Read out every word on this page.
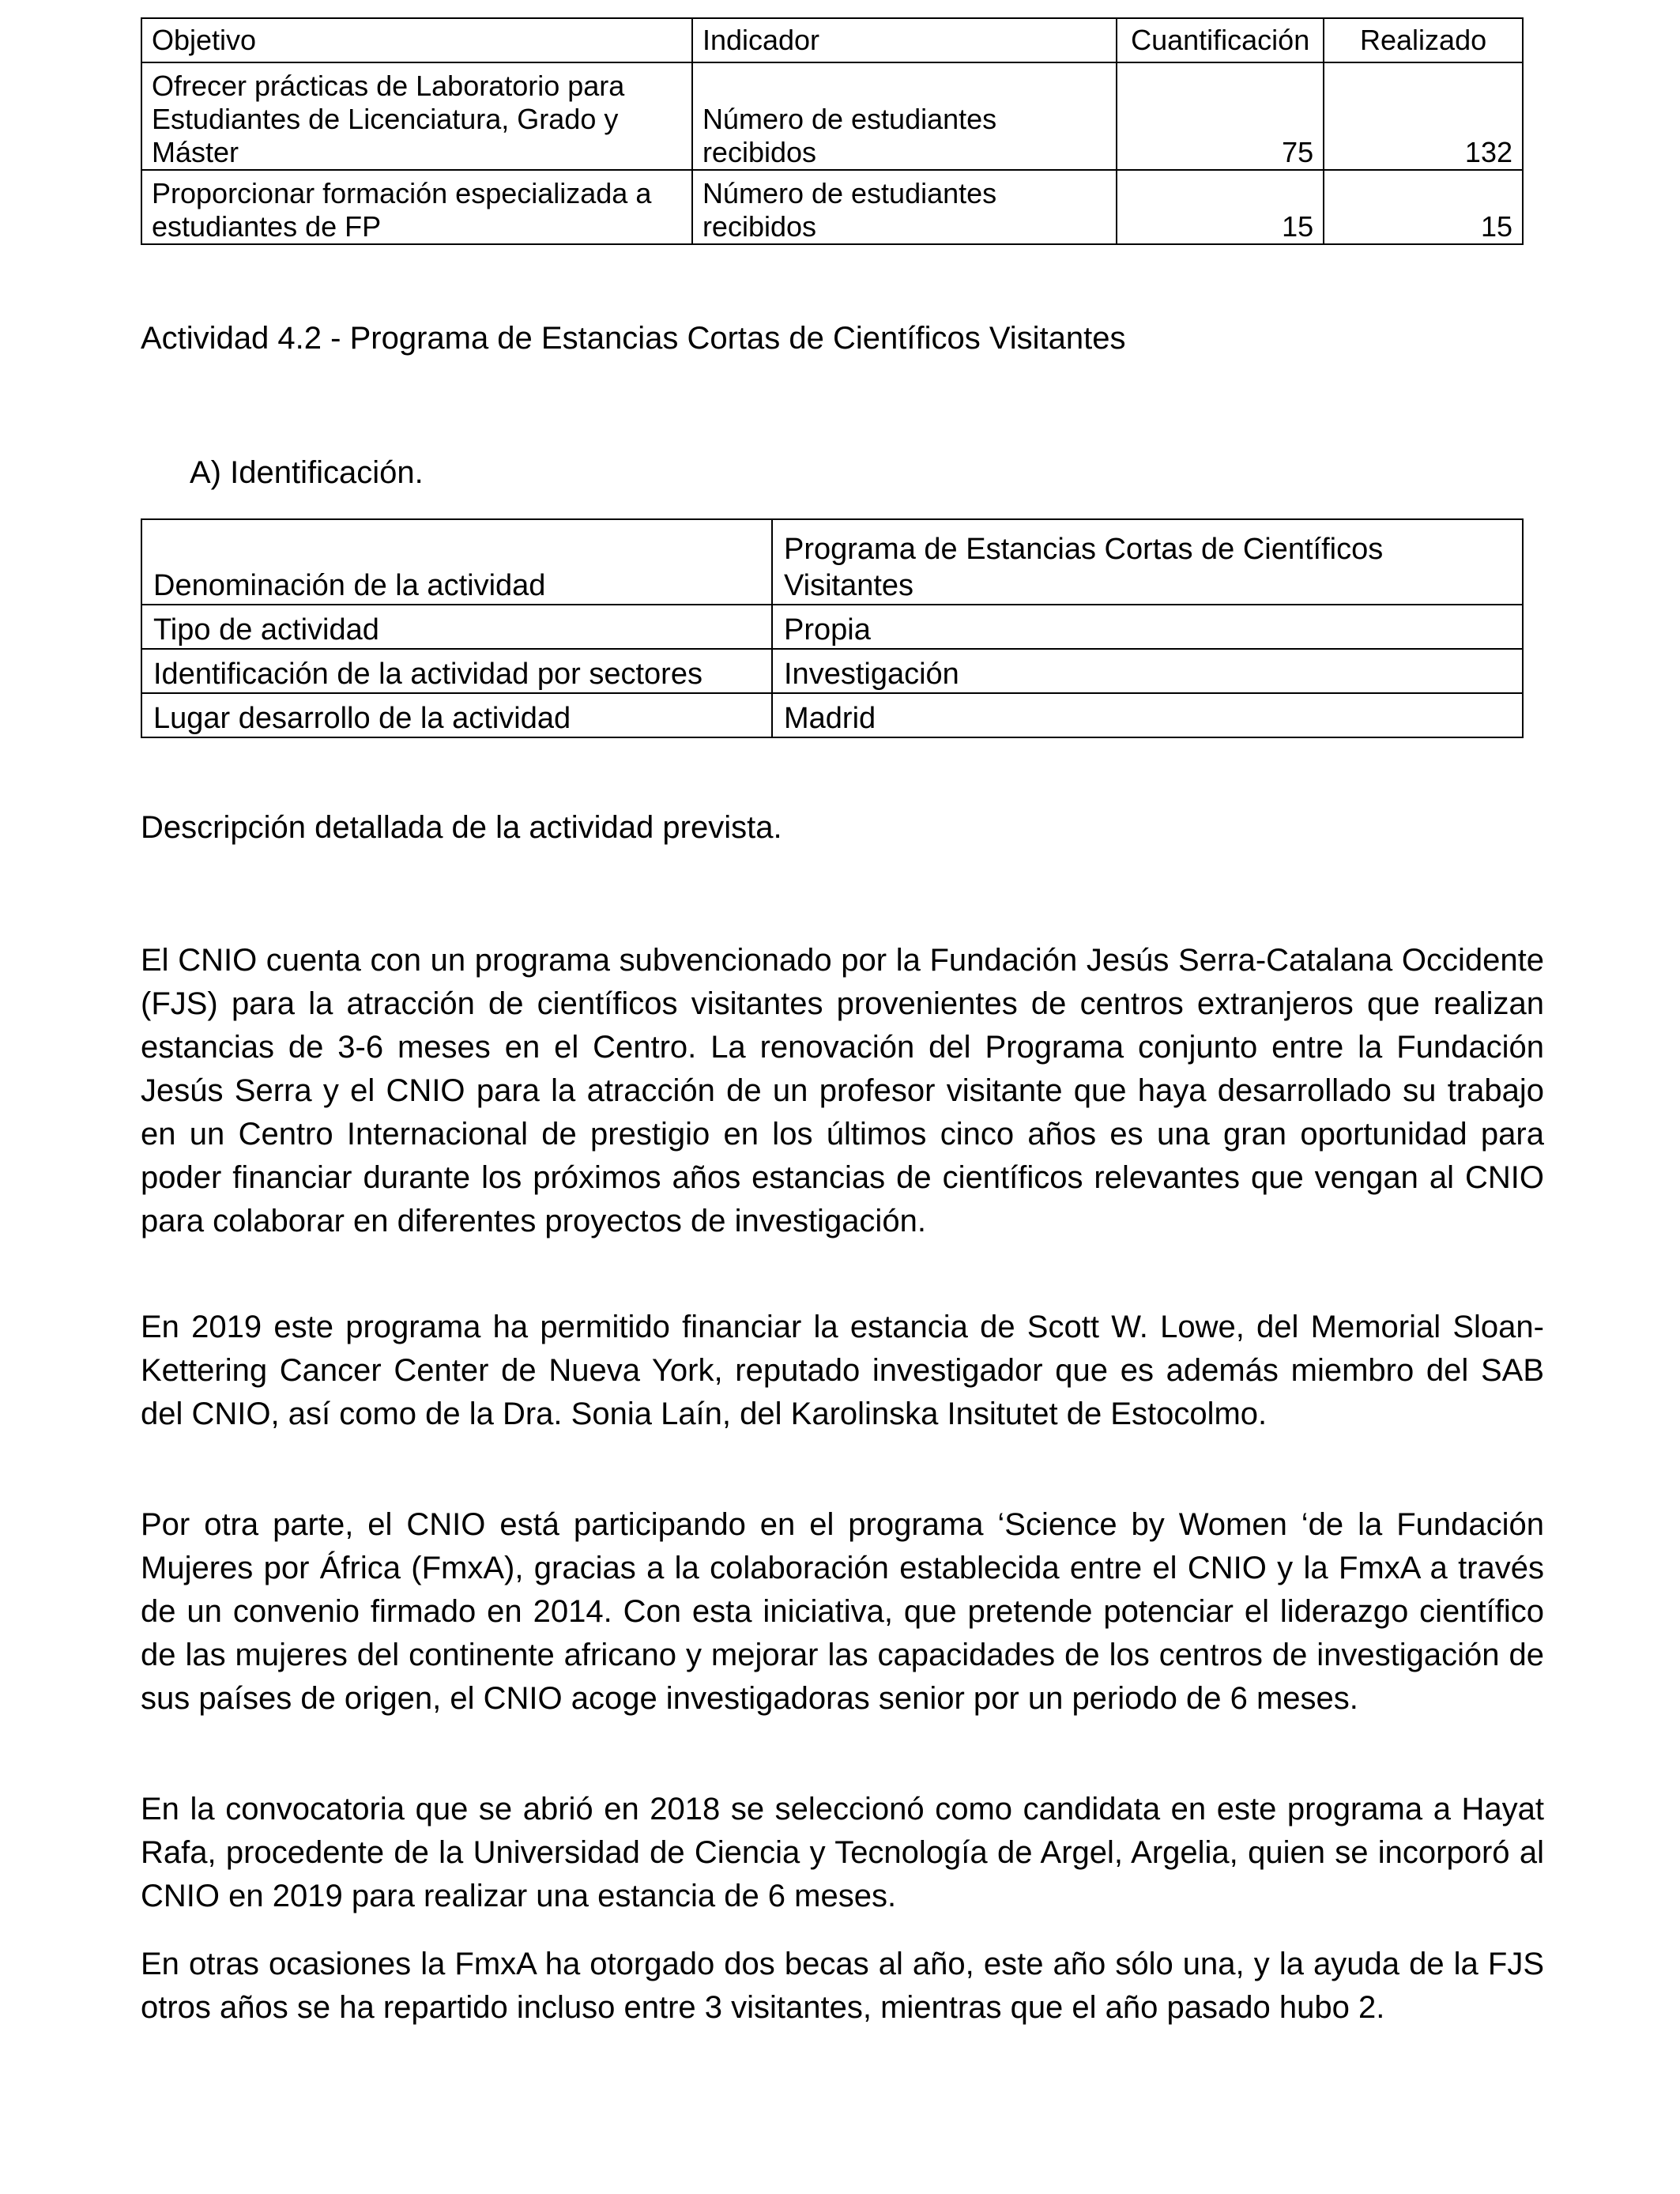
Objetivo	Indicador	Cuantificación	Realizado
Ofrecer prácticas de Laboratorio para Estudiantes de Licenciatura, Grado y Máster	Número de estudiantes recibidos	75	132
Proporcionar formación especializada a estudiantes de FP	Número de estudiantes recibidos	15	15
Actividad 4.2 - Programa de Estancias Cortas de Científicos Visitantes
A) Identificación.
Denominación de la actividad	Programa de Estancias Cortas de Científicos Visitantes
Tipo de actividad	Propia
Identificación de la actividad por sectores	Investigación
Lugar desarrollo de la actividad	Madrid
Descripción detallada de la actividad prevista.

El CNIO cuenta con un programa subvencionado por la Fundación Jesús Serra-Catalana Occidente (FJS) para la atracción de científicos visitantes provenientes de centros extranjeros que realizan estancias de 3-6 meses en el Centro. La renovación del Programa conjunto entre la Fundación Jesús Serra y el CNIO para la atracción de un profesor visitante que haya desarrollado su trabajo en un Centro Internacional de prestigio en los últimos cinco años es una gran oportunidad para poder financiar durante los próximos años estancias de científicos relevantes que vengan al CNIO para colaborar en diferentes proyectos de investigación.

En 2019 este programa ha permitido financiar la estancia de Scott W. Lowe, del Memorial Sloan- Kettering Cancer Center de Nueva York, reputado investigador que es además miembro del SAB del CNIO, así como de la Dra. Sonia Laín, del Karolinska Insitutet de Estocolmo.

Por otra parte, el CNIO está participando en el programa ‘Science by Women ‘de la Fundación Mujeres por África (FmxA), gracias a la colaboración establecida entre el CNIO y la FmxA a través de un convenio firmado en 2014. Con esta iniciativa, que pretende potenciar el liderazgo científico de las mujeres del continente africano y mejorar las capacidades de los centros de investigación de sus países de origen, el CNIO acoge investigadoras senior por un periodo de 6 meses.

En la convocatoria que se abrió en 2018 se seleccionó como candidata en este programa a Hayat Rafa, procedente de la Universidad de Ciencia y Tecnología de Argel, Argelia, quien se incorporó al CNIO en 2019 para realizar una estancia de 6 meses.

En otras ocasiones la FmxA ha otorgado dos becas al año, este año sólo una, y la ayuda de la FJS otros años se ha repartido incluso entre 3 visitantes, mientras que el año pasado hubo 2.
